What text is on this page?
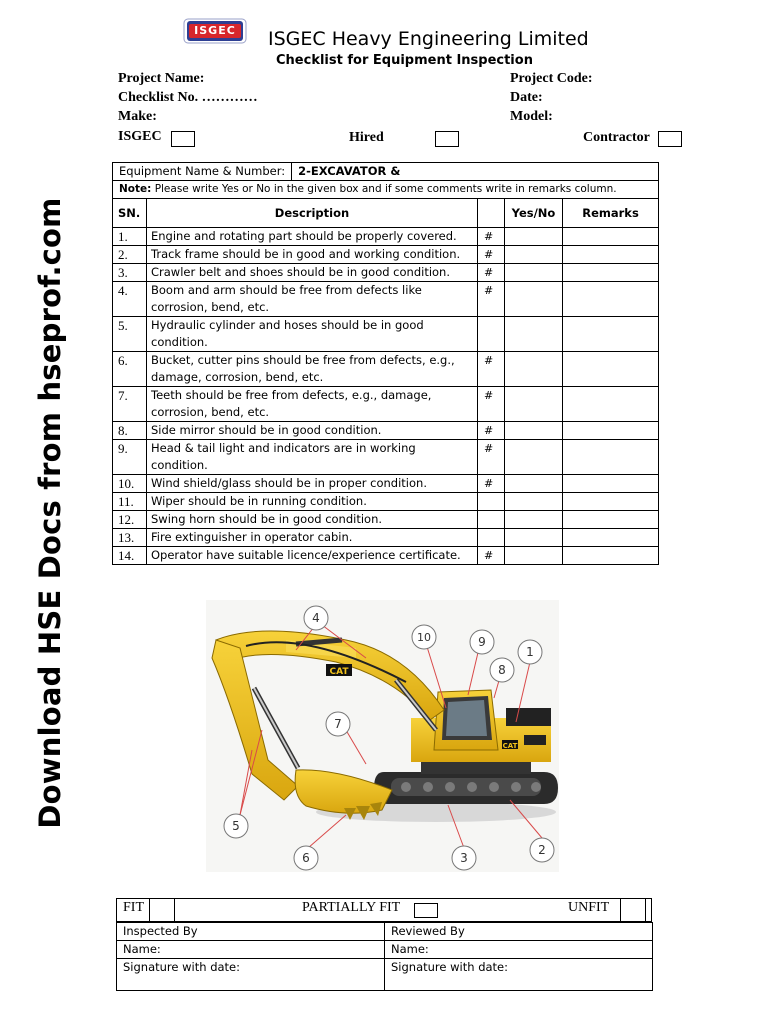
Download HSE Docs from hseprof.com
ISGEC	ISGEC Heavy Engineering Limited
Checklist for Equipment Inspection
Project Name:	Project Code:
Checklist No. …………	Date:
Make:	Model:
ISGEC	Hired	Contractor
Equipment Name & Number: 2-EXCAVATOR &				
Note: Please write Yes or No in the given box and if some comments write in remarks column.				
SN.	Description		Yes/No	Remarks
1.	Engine and rotating part should be properly covered.	#		
2.	Track frame should be in good and working condition.	#		
3.	Crawler belt and shoes should be in good condition.	#		
4.	Boom and arm should be free from defects like corrosion, bend, etc.	#		
5.	Hydraulic cylinder and hoses should be in good condition.			
6.	Bucket, cutter pins should be free from defects, e.g., damage, corrosion, bend, etc.	#		
7.	Teeth should be free from defects, e.g., damage, corrosion, bend, etc.	#		
8.	Side mirror should be in good condition.	#		
9.	Head & tail light and indicators are in working condition.	#		
10.	Wind shield/glass should be in proper condition.	#		
11.	Wiper should be in running condition.			
12.	Swing horn should be in good condition.			
13.	Fire extinguisher in operator cabin.			
14.	Operator have suitable licence/experience certificate.	#		
CAT
CAT
1
2
3
4
5
6
7
8
9
10
FIT	PARTIALLY FIT	UNFIT
Inspected By	Reviewed By
Name:	Name:
Signature with date:	Signature with date:
